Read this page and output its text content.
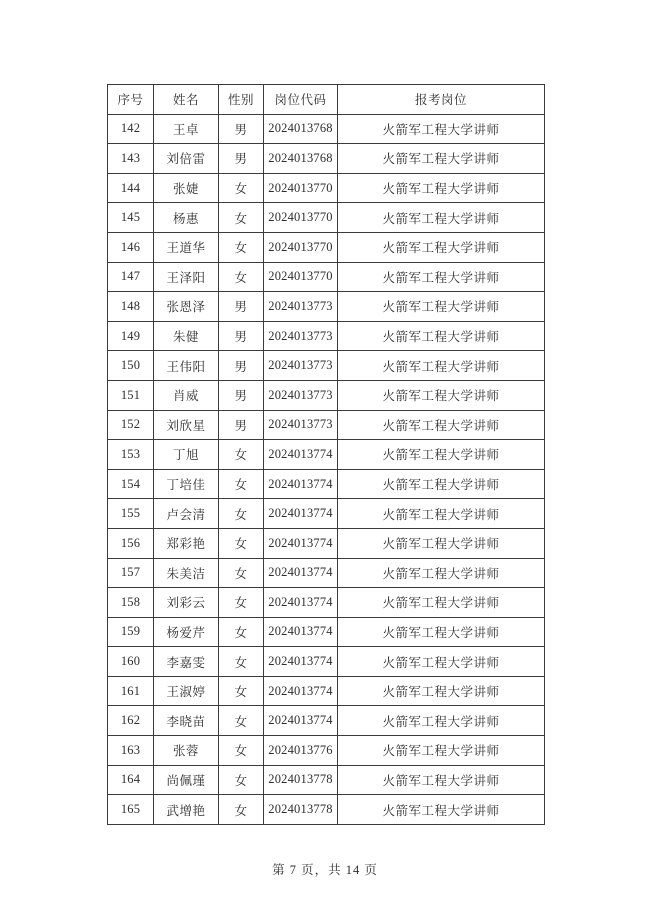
序号	姓名	性别	岗位代码	报考岗位
142	王卓	男	2024013768	火箭军工程大学讲师
143	刘倍雷	男	2024013768	火箭军工程大学讲师
144	张婕	女	2024013770	火箭军工程大学讲师
145	杨惠	女	2024013770	火箭军工程大学讲师
146	王道华	女	2024013770	火箭军工程大学讲师
147	王泽阳	女	2024013770	火箭军工程大学讲师
148	张恩泽	男	2024013773	火箭军工程大学讲师
149	朱健	男	2024013773	火箭军工程大学讲师
150	王伟阳	男	2024013773	火箭军工程大学讲师
151	肖威	男	2024013773	火箭军工程大学讲师
152	刘欣星	男	2024013773	火箭军工程大学讲师
153	丁旭	女	2024013774	火箭军工程大学讲师
154	丁培佳	女	2024013774	火箭军工程大学讲师
155	卢会清	女	2024013774	火箭军工程大学讲师
156	郑彩艳	女	2024013774	火箭军工程大学讲师
157	朱美洁	女	2024013774	火箭军工程大学讲师
158	刘彩云	女	2024013774	火箭军工程大学讲师
159	杨爱芹	女	2024013774	火箭军工程大学讲师
160	李嘉雯	女	2024013774	火箭军工程大学讲师
161	王淑婷	女	2024013774	火箭军工程大学讲师
162	李晓苗	女	2024013774	火箭军工程大学讲师
163	张蓉	女	2024013776	火箭军工程大学讲师
164	尚佩瑾	女	2024013778	火箭军工程大学讲师
165	武增艳	女	2024013778	火箭军工程大学讲师
第 7 页，共 14 页
